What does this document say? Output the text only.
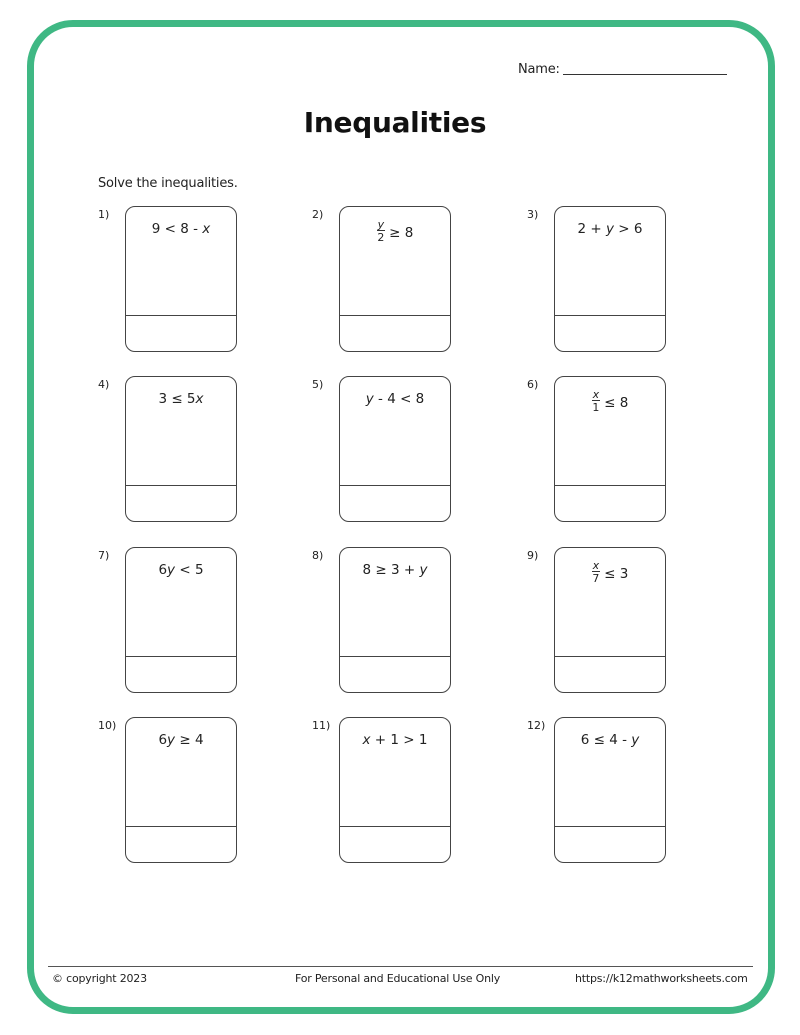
Name:
Inequalities
Solve the inequalities.
1)
9 < 8 - x
2)
$\frac{y}{2} \ge 8$
3)
2 + y > 6
4)
3 ≤ 5x
5)
y - 4 < 8
6)
$\frac{x}{1} \le 8$
7)
6y < 5
8)
8 ≥ 3 + y
9)
$\frac{x}{7} \le 3$
10)
6y ≥ 4
11)
x + 1 > 1
12)
6 ≤ 4 - y
© copyright 2023	For Personal and Educational Use Only	https://k12mathworksheets.com
